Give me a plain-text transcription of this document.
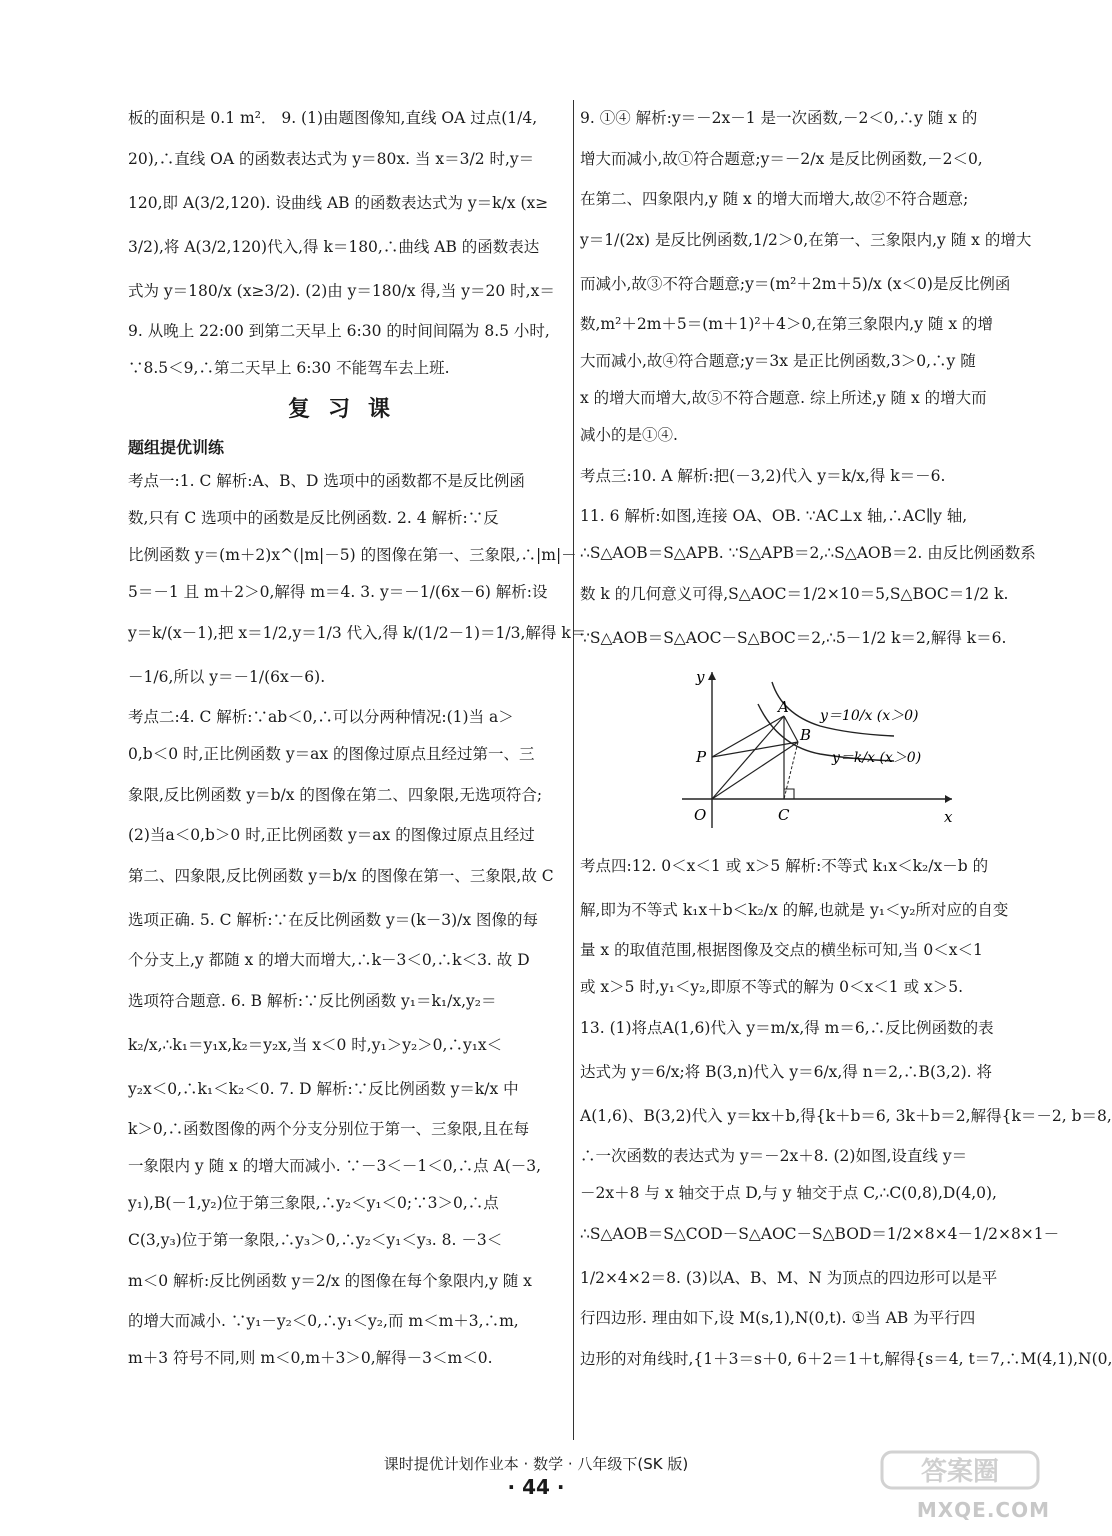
板的面积是 0.1 m²． 9. (1)由题图像知,直线 OA 过点(1/4,
20),∴直线 OA 的函数表达式为 y＝80x. 当 x＝3/2 时,y＝
120,即 A(3/2,120). 设曲线 AB 的函数表达式为 y＝k/x (x≥
3/2),将 A(3/2,120)代入,得 k＝180,∴曲线 AB 的函数表达
式为 y＝180/x (x≥3/2). (2)由 y＝180/x 得,当 y＝20 时,x＝
9. 从晚上 22:00 到第二天早上 6:30 的时间间隔为 8.5 小时,
∵8.5＜9,∴第二天早上 6:30 不能驾车去上班.
复习课
题组提优训练
考点一:1. C 解析:A、B、D 选项中的函数都不是反比例函
数,只有 C 选项中的函数是反比例函数. 2. 4 解析:∵反
比例函数 y＝(m＋2)x^(|m|－5) 的图像在第一、三象限,∴|m|－
5＝－1 且 m＋2＞0,解得 m＝4. 3. y＝－1/(6x－6) 解析:设
y＝k/(x－1),把 x＝1/2,y＝1/3 代入,得 k/(1/2－1)＝1/3,解得 k＝
－1/6,所以 y＝－1/(6x－6).
考点二:4. C 解析:∵ab＜0,∴可以分两种情况:(1)当 a＞
0,b＜0 时,正比例函数 y＝ax 的图像过原点且经过第一、三
象限,反比例函数 y＝b/x 的图像在第二、四象限,无选项符合;
(2)当a＜0,b＞0 时,正比例函数 y＝ax 的图像过原点且经过
第二、四象限,反比例函数 y＝b/x 的图像在第一、三象限,故 C
选项正确. 5. C 解析:∵在反比例函数 y＝(k－3)/x 图像的每
个分支上,y 都随 x 的增大而增大,∴k－3＜0,∴k＜3. 故 D
选项符合题意. 6. B 解析:∵反比例函数 y₁＝k₁/x,y₂＝
k₂/x,∴k₁＝y₁x,k₂＝y₂x,当 x＜0 时,y₁＞y₂＞0,∴y₁x＜
y₂x＜0,∴k₁＜k₂＜0. 7. D 解析:∵反比例函数 y＝k/x 中
k＞0,∴函数图像的两个分支分别位于第一、三象限,且在每
一象限内 y 随 x 的增大而减小. ∵－3＜－1＜0,∴点 A(－3,
y₁),B(－1,y₂)位于第三象限,∴y₂＜y₁＜0;∵3＞0,∴点
C(3,y₃)位于第一象限,∴y₃＞0,∴y₂＜y₁＜y₃. 8. －3＜
m＜0 解析:反比例函数 y＝2/x 的图像在每个象限内,y 随 x
的增大而减小. ∵y₁－y₂＜0,∴y₁＜y₂,而 m＜m＋3,∴m,
m＋3 符号不同,则 m＜0,m＋3＞0,解得－3＜m＜0.
9. ①④ 解析:y＝－2x－1 是一次函数,－2＜0,∴y 随 x 的
增大而减小,故①符合题意;y＝－2/x 是反比例函数,－2＜0,
在第二、四象限内,y 随 x 的增大而增大,故②不符合题意;
y＝1/(2x) 是反比例函数,1/2＞0,在第一、三象限内,y 随 x 的增大
而减小,故③不符合题意;y＝(m²＋2m＋5)/x (x＜0)是反比例函
数,m²＋2m＋5＝(m＋1)²＋4＞0,在第三象限内,y 随 x 的增
大而减小,故④符合题意;y＝3x 是正比例函数,3＞0,∴y 随
x 的增大而增大,故⑤不符合题意. 综上所述,y 随 x 的增大而
减小的是①④.
考点三:10. A 解析:把(－3,2)代入 y＝k/x,得 k＝－6.
11. 6 解析:如图,连接 OA、OB. ∵AC⊥x 轴,∴AC∥y 轴,
∴S△AOB＝S△APB. ∵S△APB＝2,∴S△AOB＝2. 由反比例函数系
数 k 的几何意义可得,S△AOC＝1/2×10＝5,S△BOC＝1/2 k.
∵S△AOB＝S△AOC－S△BOC＝2,∴5－1/2 k＝2,解得 k＝6.
y
x
O
A
B
P
C
y＝10/x (x＞0)
y＝k/x (x＞0)
考点四:12. 0＜x＜1 或 x＞5 解析:不等式 k₁x＜k₂/x－b 的
解,即为不等式 k₁x＋b＜k₂/x 的解,也就是 y₁＜y₂所对应的自变
量 x 的取值范围,根据图像及交点的横坐标可知,当 0＜x＜1
或 x＞5 时,y₁＜y₂,即原不等式的解为 0＜x＜1 或 x＞5.
13. (1)将点A(1,6)代入 y＝m/x,得 m＝6,∴反比例函数的表
达式为 y＝6/x;将 B(3,n)代入 y＝6/x,得 n＝2,∴B(3,2). 将
A(1,6)、B(3,2)代入 y＝kx＋b,得{k＋b＝6, 3k＋b＝2,解得{k＝－2, b＝8,
∴一次函数的表达式为 y＝－2x＋8. (2)如图,设直线 y＝
－2x＋8 与 x 轴交于点 D,与 y 轴交于点 C,∴C(0,8),D(4,0),
∴S△AOB＝S△COD－S△AOC－S△BOD＝1/2×8×4－1/2×8×1－
1/2×4×2＝8. (3)以A、B、M、N 为顶点的四边形可以是平
行四边形. 理由如下,设 M(s,1),N(0,t). ①当 AB 为平行四
边形的对角线时,{1＋3＝s＋0, 6＋2＝1＋t,解得{s＝4, t＝7,∴M(4,1),N(0,
课时提优计划作业本 · 数学 · 八年级下(SK 版)
· 44 ·	答案圈
MXQE.COM
